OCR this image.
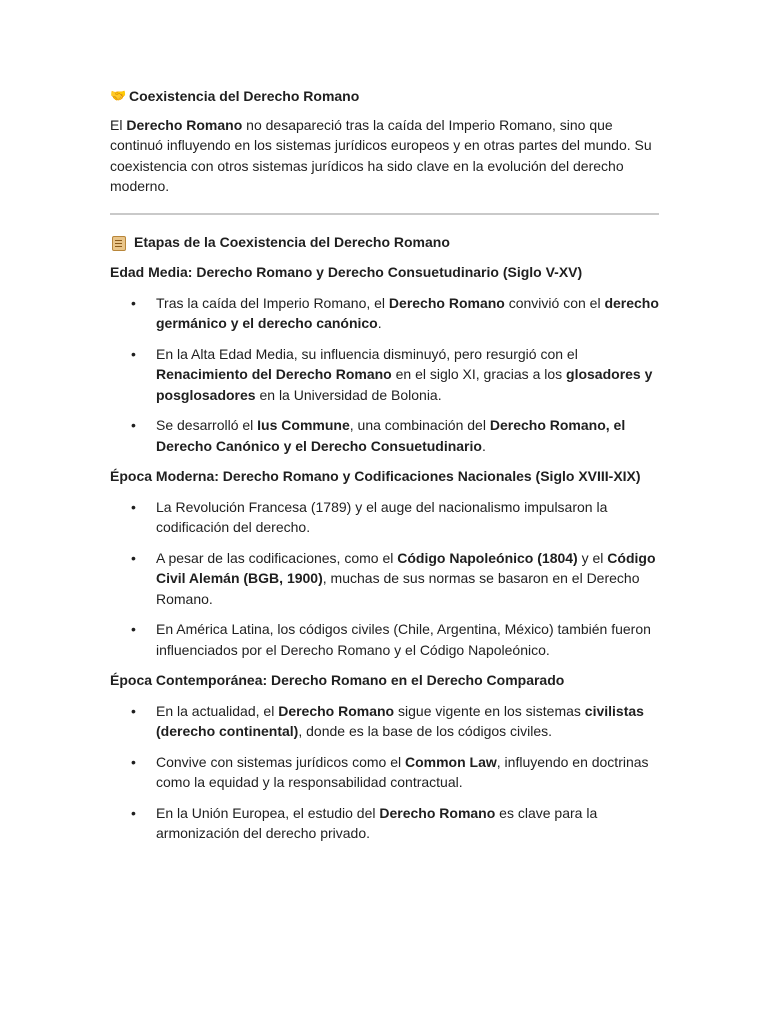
🤝 Coexistencia del Derecho Romano

El Derecho Romano no desapareció tras la caída del Imperio Romano, sino que continuó influyendo en los sistemas jurídicos europeos y en otras partes del mundo. Su coexistencia con otros sistemas jurídicos ha sido clave en la evolución del derecho moderno.

Etapas de la Coexistencia del Derecho Romano
Edad Media: Derecho Romano y Derecho Consuetudinario (Siglo V-XV)
• Tras la caída del Imperio Romano, el Derecho Romano convivió con el derecho germánico y el derecho canónico.
• En la Alta Edad Media, su influencia disminuyó, pero resurgió con el Renacimiento del Derecho Romano en el siglo XI, gracias a los glosadores y posglosadores en la Universidad de Bolonia.
• Se desarrolló el Ius Commune, una combinación del Derecho Romano, el Derecho Canónico y el Derecho Consuetudinario.
Época Moderna: Derecho Romano y Codificaciones Nacionales (Siglo XVIII-XIX)
• La Revolución Francesa (1789) y el auge del nacionalismo impulsaron la codificación del derecho.
• A pesar de las codificaciones, como el Código Napoleónico (1804) y el Código Civil Alemán (BGB, 1900), muchas de sus normas se basaron en el Derecho Romano.
• En América Latina, los códigos civiles (Chile, Argentina, México) también fueron influenciados por el Derecho Romano y el Código Napoleónico.
Época Contemporánea: Derecho Romano en el Derecho Comparado
• En la actualidad, el Derecho Romano sigue vigente en los sistemas civilistas (derecho continental), donde es la base de los códigos civiles.
• Convive con sistemas jurídicos como el Common Law, influyendo en doctrinas como la equidad y la responsabilidad contractual.
• En la Unión Europea, el estudio del Derecho Romano es clave para la armonización del derecho privado.
